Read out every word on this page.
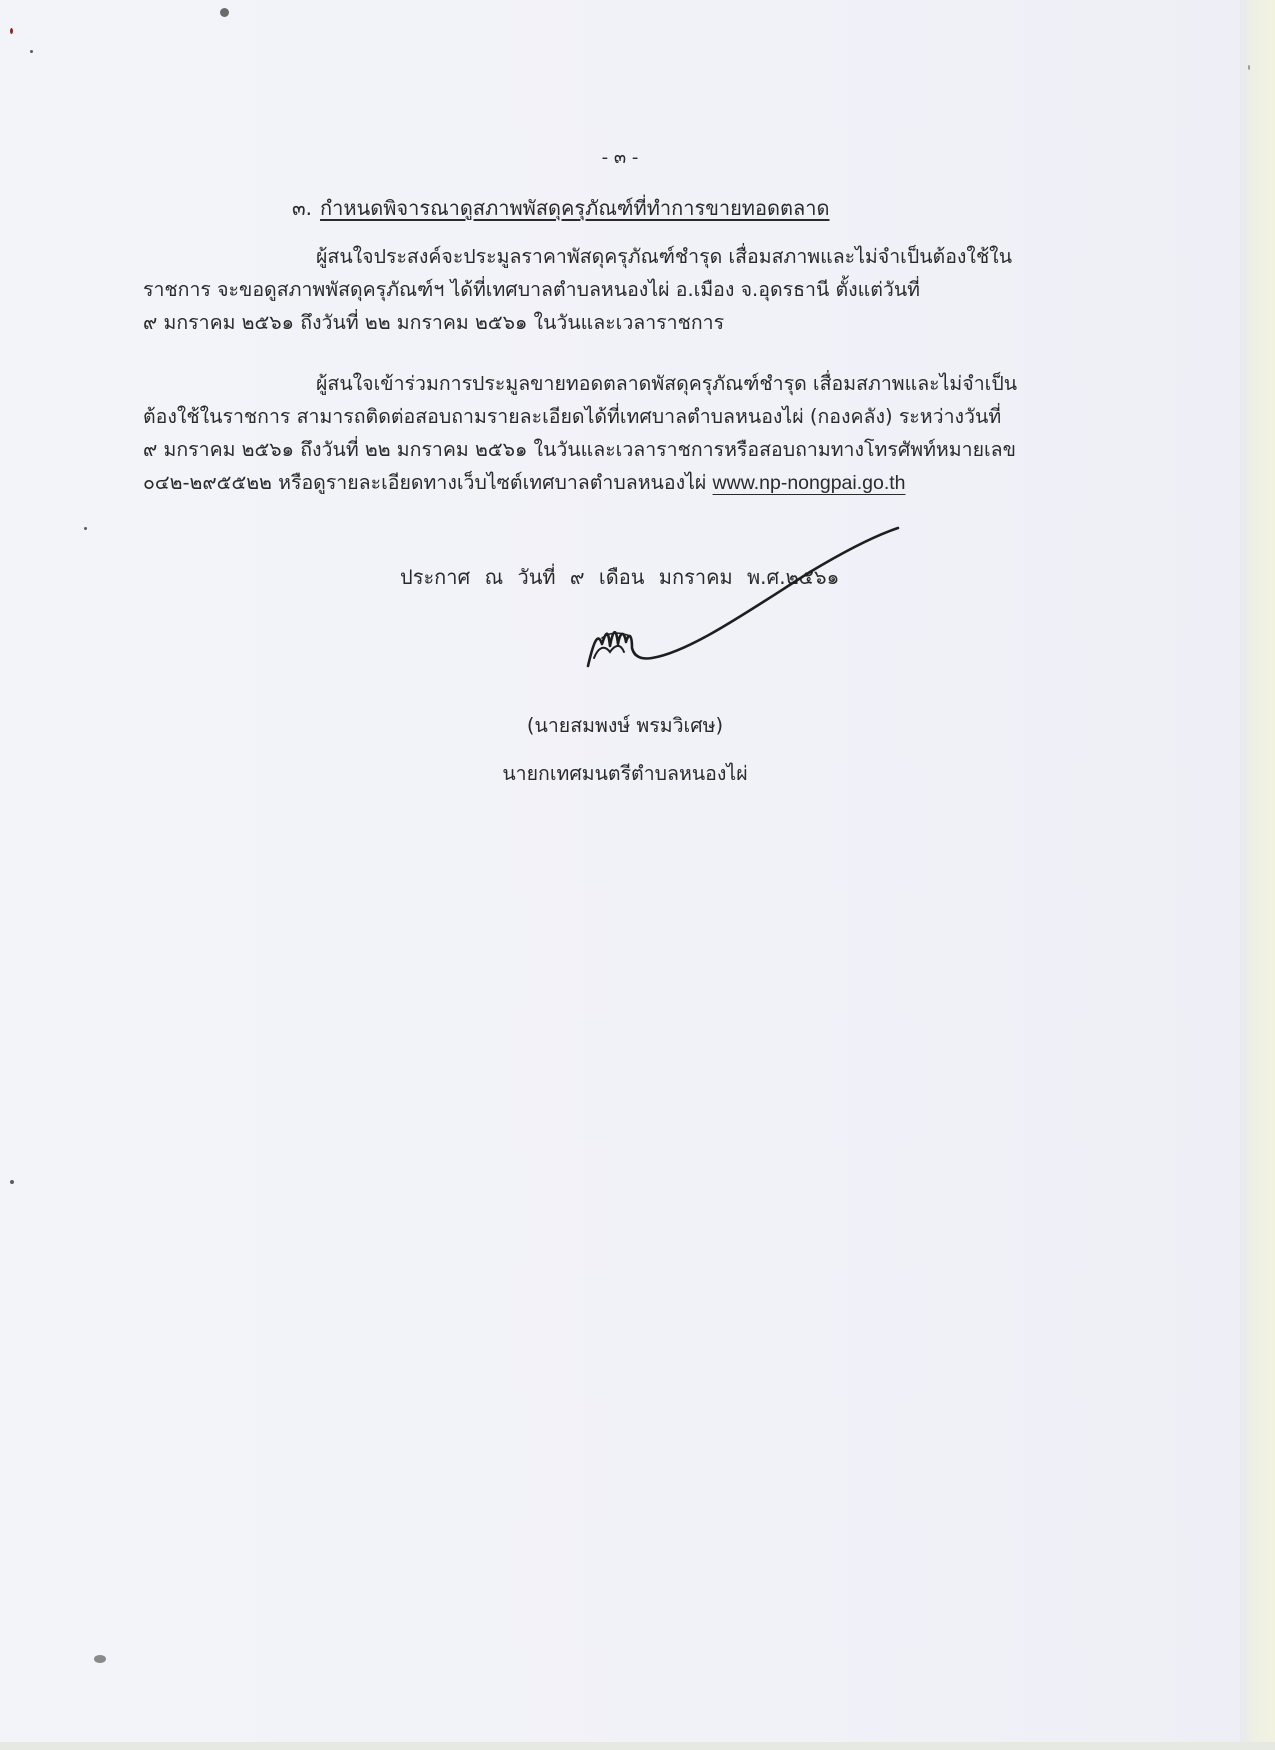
- ๓ -
๓. กำหนดพิจารณาดูสภาพพัสดุครุภัณฑ์ที่ทำการขายทอดตลาด
ผู้สนใจประสงค์จะประมูลราคาพัสดุครุภัณฑ์ชำรุด เสื่อมสภาพและไม่จำเป็นต้องใช้ใน
ราชการ จะขอดูสภาพพัสดุครุภัณฑ์ฯ ได้ที่เทศบาลตำบลหนองไผ่ อ.เมือง จ.อุดรธานี ตั้งแต่วันที่
๙ มกราคม ๒๕๖๑ ถึงวันที่ ๒๒ มกราคม ๒๕๖๑ ในวันและเวลาราชการ
ผู้สนใจเข้าร่วมการประมูลขายทอดตลาดพัสดุครุภัณฑ์ชำรุด เสื่อมสภาพและไม่จำเป็น
ต้องใช้ในราชการ สามารถติดต่อสอบถามรายละเอียดได้ที่เทศบาลตำบลหนองไผ่ (กองคลัง) ระหว่างวันที่
๙ มกราคม ๒๕๖๑ ถึงวันที่ ๒๒ มกราคม ๒๕๖๑ ในวันและเวลาราชการหรือสอบถามทางโทรศัพท์หมายเลข
๐๔๒-๒๙๕๕๒๒ หรือดูรายละเอียดทางเว็บไซต์เทศบาลตำบลหนองไผ่ www.np-nongpai.go.th
ประกาศ ณ วันที่ ๙ เดือน มกราคม พ.ศ.๒๕๖๑
(นายสมพงษ์ พรมวิเศษ)
นายกเทศมนตรีตำบลหนองไผ่
